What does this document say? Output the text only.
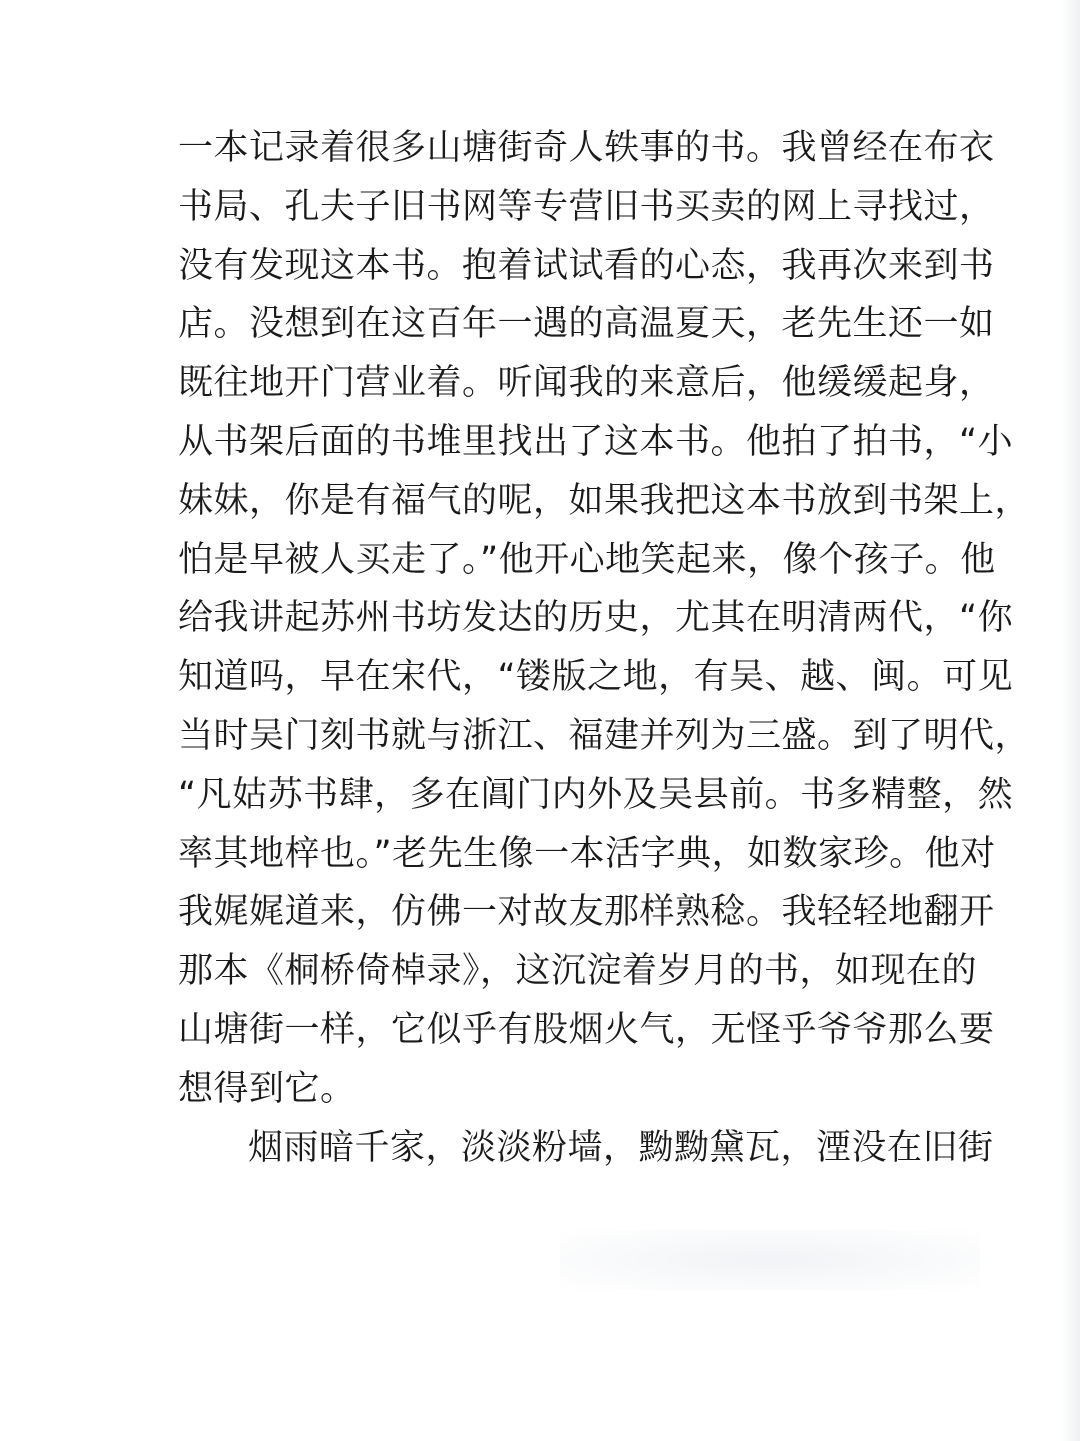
一本记录着很多山塘街奇人轶事的书。我曾经在布衣
书局、孔夫子旧书网等专营旧书买卖的网上寻找过，
没有发现这本书。抱着试试看的心态，我再次来到书
店。没想到在这百年一遇的高温夏天，老先生还一如
既往地开门营业着。听闻我的来意后，他缓缓起身，
从书架后面的书堆里找出了这本书。他拍了拍书，“小
妹妹，你是有福气的呢，如果我把这本书放到书架上，
怕是早被人买走了。”他开心地笑起来，像个孩子。他
给我讲起苏州书坊发达的历史，尤其在明清两代，“你
知道吗，早在宋代，“镂版之地，有吴、越、闽。可见
当时吴门刻书就与浙江、福建并列为三盛。到了明代，
“凡姑苏书肆，多在阊门内外及吴县前。书多精整，然
率其地梓也。”老先生像一本活字典，如数家珍。他对
我娓娓道来，仿佛一对故友那样熟稔。我轻轻地翻开
那本《桐桥倚棹录》，这沉淀着岁月的书，如现在的
山塘街一样，它似乎有股烟火气，无怪乎爷爷那么要
想得到它。
烟雨暗千家，淡淡粉墙，黝黝黛瓦，湮没在旧街
